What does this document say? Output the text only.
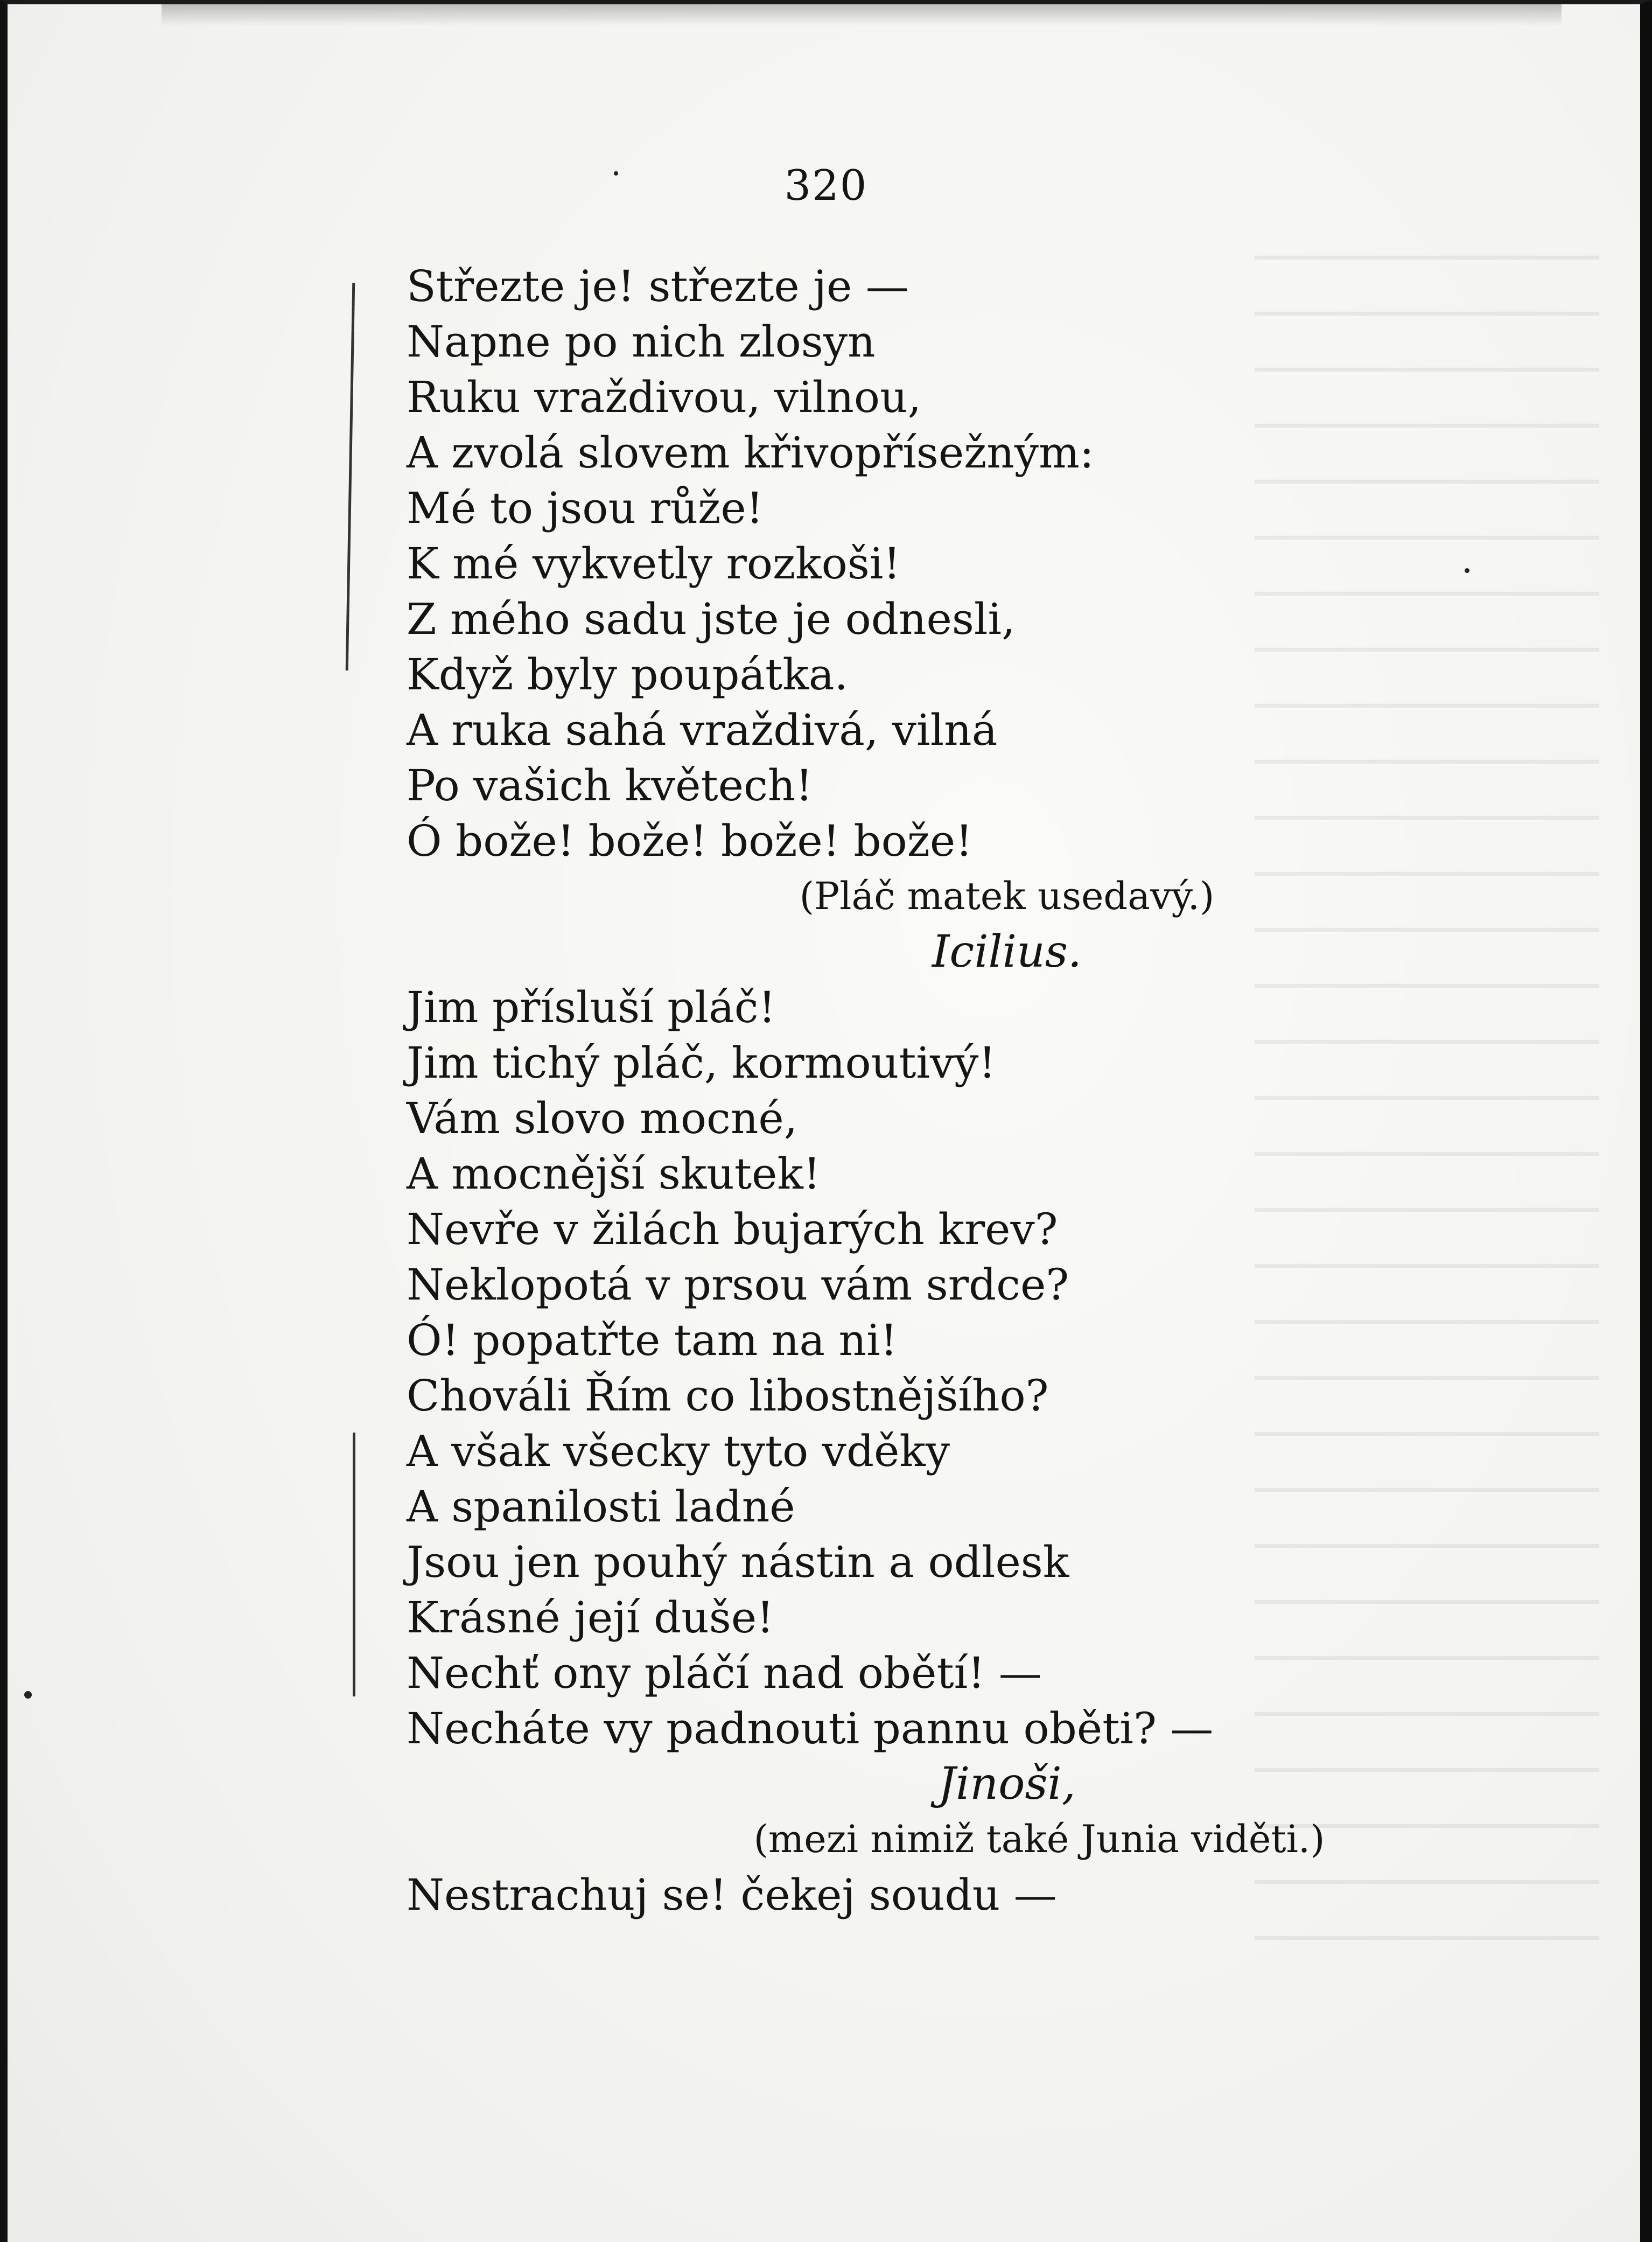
320
Střezte je! střezte je —
Napne po nich zlosyn
Ruku vraždivou, vilnou,
A zvolá slovem křivopřísežným:
Mé to jsou růže!
K mé vykvetly rozkoši!
Z mého sadu jste je odnesli,
Když byly poupátka.
A ruka sahá vraždivá, vilná
Po vašich květech!
Ó bože! bože! bože! bože!
(Pláč matek usedavý.)
Icilius.
Jim přísluší pláč!
Jim tichý pláč, kormoutivý!
Vám slovo mocné,
A mocnější skutek!
Nevře v žilách bujarých krev?
Neklopotá v prsou vám srdce?
Ó! popatřte tam na ni!
Chováli Řím co libostnějšího?
A však všecky tyto vděky
A spanilosti ladné
Jsou jen pouhý nástin a odlesk
Krásné její duše!
Nechť ony pláčí nad obětí! —
Necháte vy padnouti pannu oběti? —
Jinoši,
(mezi nimiž také Junia viděti.)
Nestrachuj se! čekej soudu —
